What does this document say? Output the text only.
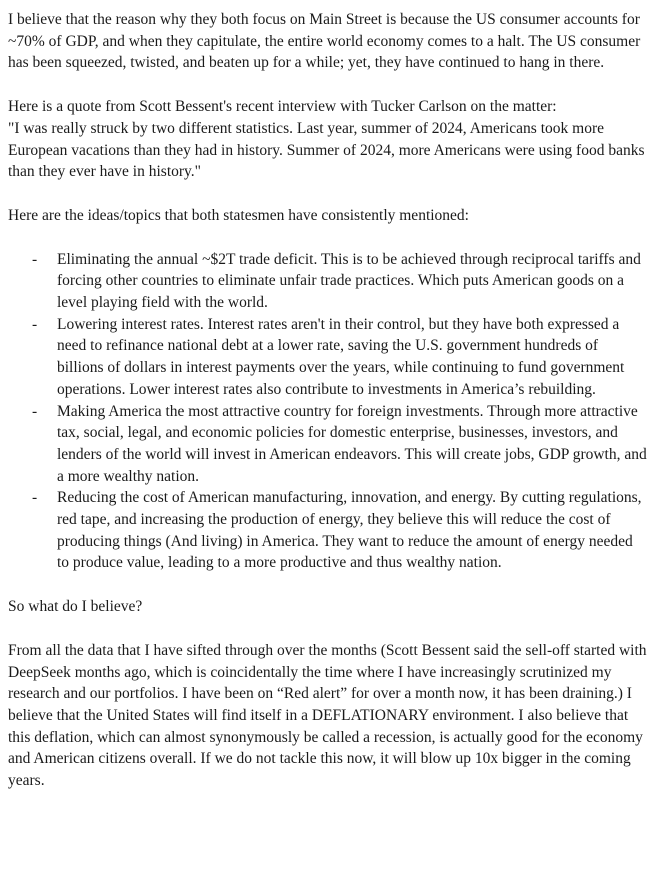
I believe that the reason why they both focus on Main Street is because the US consumer accounts for ~70% of GDP, and when they capitulate, the entire world economy comes to a halt. The US consumer has been squeezed, twisted, and beaten up for a while; yet, they have continued to hang in there.

Here is a quote from Scott Bessent's recent interview with Tucker Carlson on the matter:

"I was really struck by two different statistics. Last year, summer of 2024, Americans took more European vacations than they had in history. Summer of 2024, more Americans were using food banks than they ever have in history."

Here are the ideas/topics that both statesmen have consistently mentioned:

- Eliminating the annual ~$2T trade deficit. This is to be achieved through reciprocal tariffs and forcing other countries to eliminate unfair trade practices. Which puts American goods on a level playing field with the world.
- Lowering interest rates. Interest rates aren't in their control, but they have both expressed a need to refinance national debt at a lower rate, saving the U.S. government hundreds of billions of dollars in interest payments over the years, while continuing to fund government operations. Lower interest rates also contribute to investments in America’s rebuilding.
- Making America the most attractive country for foreign investments. Through more attractive tax, social, legal, and economic policies for domestic enterprise, businesses, investors, and lenders of the world will invest in American endeavors. This will create jobs, GDP growth, and a more wealthy nation.
- Reducing the cost of American manufacturing, innovation, and energy. By cutting regulations, red tape, and increasing the production of energy, they believe this will reduce the cost of producing things (And living) in America. They want to reduce the amount of energy needed to produce value, leading to a more productive and thus wealthy nation.

So what do I believe?

From all the data that I have sifted through over the months (Scott Bessent said the sell-off started with DeepSeek months ago, which is coincidentally the time where I have increasingly scrutinized my research and our portfolios. I have been on “Red alert” for over a month now, it has been draining.) I believe that the United States will find itself in a DEFLATIONARY environment. I also believe that this deflation, which can almost synonymously be called a recession, is actually good for the economy and American citizens overall. If we do not tackle this now, it will blow up 10x bigger in the coming years.
